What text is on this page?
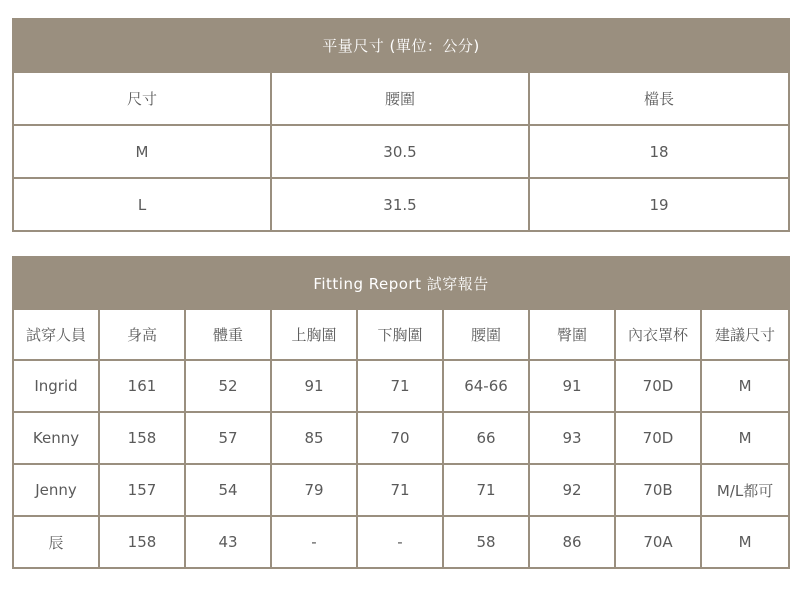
平量尺寸 (單位：公分)		
尺寸	腰圍	檔長
M	30.5	18
L	31.5	19
Fitting Report 試穿報告								
試穿人員	身高	體重	上胸圍	下胸圍	腰圍	臀圍	內衣罩杯	建議尺寸
Ingrid	161	52	91	71	64-66	91	70D	M
Kenny	158	57	85	70	66	93	70D	M
Jenny	157	54	79	71	71	92	70B	M/L都可
辰	158	43	-	-	58	86	70A	M
